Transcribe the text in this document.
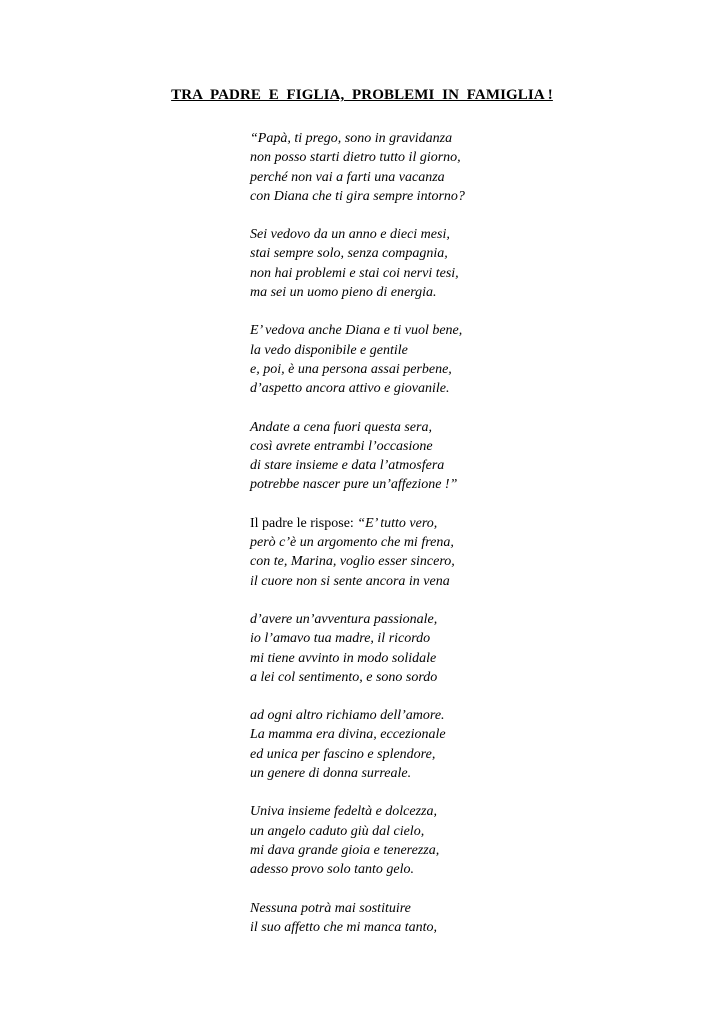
TRA  PADRE  E  FIGLIA,  PROBLEMI  IN  FAMIGLIA !
“Papà, ti prego, sono in gravidanza
non posso starti dietro tutto il giorno,
perché non vai a farti una vacanza
con Diana che ti gira sempre intorno?
Sei vedovo da un anno e dieci mesi,
stai sempre solo, senza compagnia,
non hai problemi e stai coi nervi tesi,
ma sei un uomo pieno di energia.
E’ vedova anche Diana e ti vuol bene,
la vedo disponibile e gentile
e, poi, è una persona assai perbene,
d’aspetto ancora attivo e giovanile.
Andate a cena fuori questa sera,
così avrete entrambi l’occasione
di stare insieme e data l’atmosfera
potrebbe nascer pure un’affezione !”
Il padre le rispose: “E’ tutto vero,
però c’è un argomento che mi frena,
con te, Marina, voglio esser sincero,
il cuore non si sente ancora in vena
d’avere un’avventura passionale,
io l’amavo tua madre, il ricordo
mi tiene avvinto in modo solidale
a lei col sentimento, e sono sordo
ad ogni altro richiamo dell’amore.
La mamma era divina, eccezionale
ed unica per fascino e splendore,
un genere di donna surreale.
Univa insieme fedeltà e dolcezza,
un angelo caduto giù dal cielo,
mi dava grande gioia e tenerezza,
adesso provo solo tanto gelo.
Nessuna potrà mai sostituire
il suo affetto che mi manca tanto,
